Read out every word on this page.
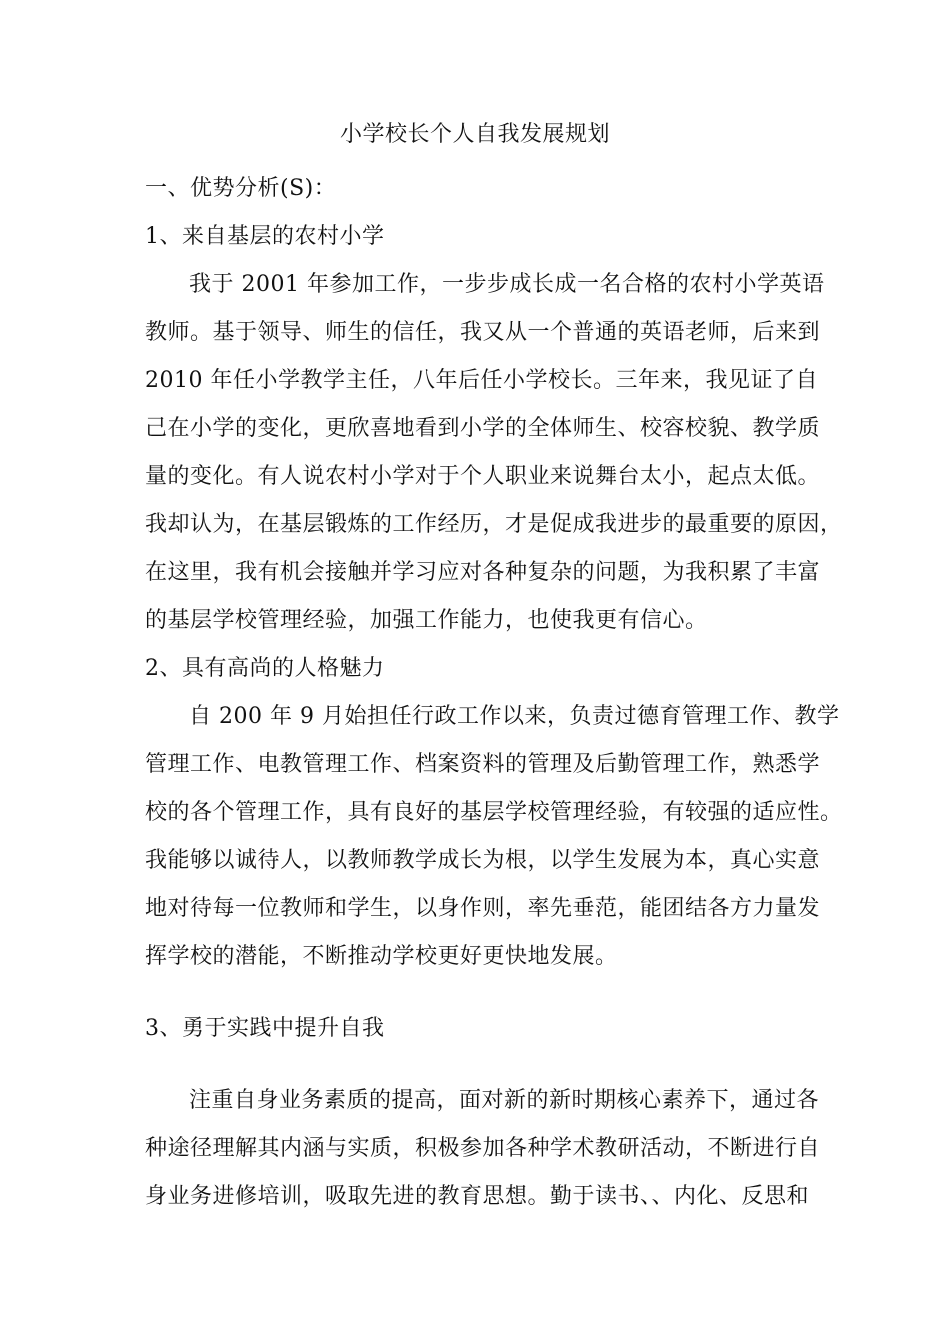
小学校长个人自我发展规划
一、优势分析(S)：
1、来自基层的农村小学
我于 2001 年参加工作，一步步成长成一名合格的农村小学英语
教师。基于领导、师生的信任，我又从一个普通的英语老师，后来到
2010 年任小学教学主任，八年后任小学校长。三年来，我见证了自
己在小学的变化，更欣喜地看到小学的全体师生、校容校貌、教学质
量的变化。有人说农村小学对于个人职业来说舞台太小，起点太低。
我却认为，在基层锻炼的工作经历，才是促成我进步的最重要的原因，
在这里，我有机会接触并学习应对各种复杂的问题，为我积累了丰富
的基层学校管理经验，加强工作能力，也使我更有信心。
2、具有高尚的人格魅力
自 200 年 9 月始担任行政工作以来，负责过德育管理工作、教学
管理工作、电教管理工作、档案资料的管理及后勤管理工作，熟悉学
校的各个管理工作，具有良好的基层学校管理经验，有较强的适应性。
我能够以诚待人，以教师教学成长为根，以学生发展为本，真心实意
地对待每一位教师和学生，以身作则，率先垂范，能团结各方力量发
挥学校的潜能，不断推动学校更好更快地发展。
3、勇于实践中提升自我
注重自身业务素质的提高，面对新的新时期核心素养下，通过各
种途径理解其内涵与实质，积极参加各种学术教研活动，不断进行自
身业务进修培训，吸取先进的教育思想。勤于读书、、内化、反思和
